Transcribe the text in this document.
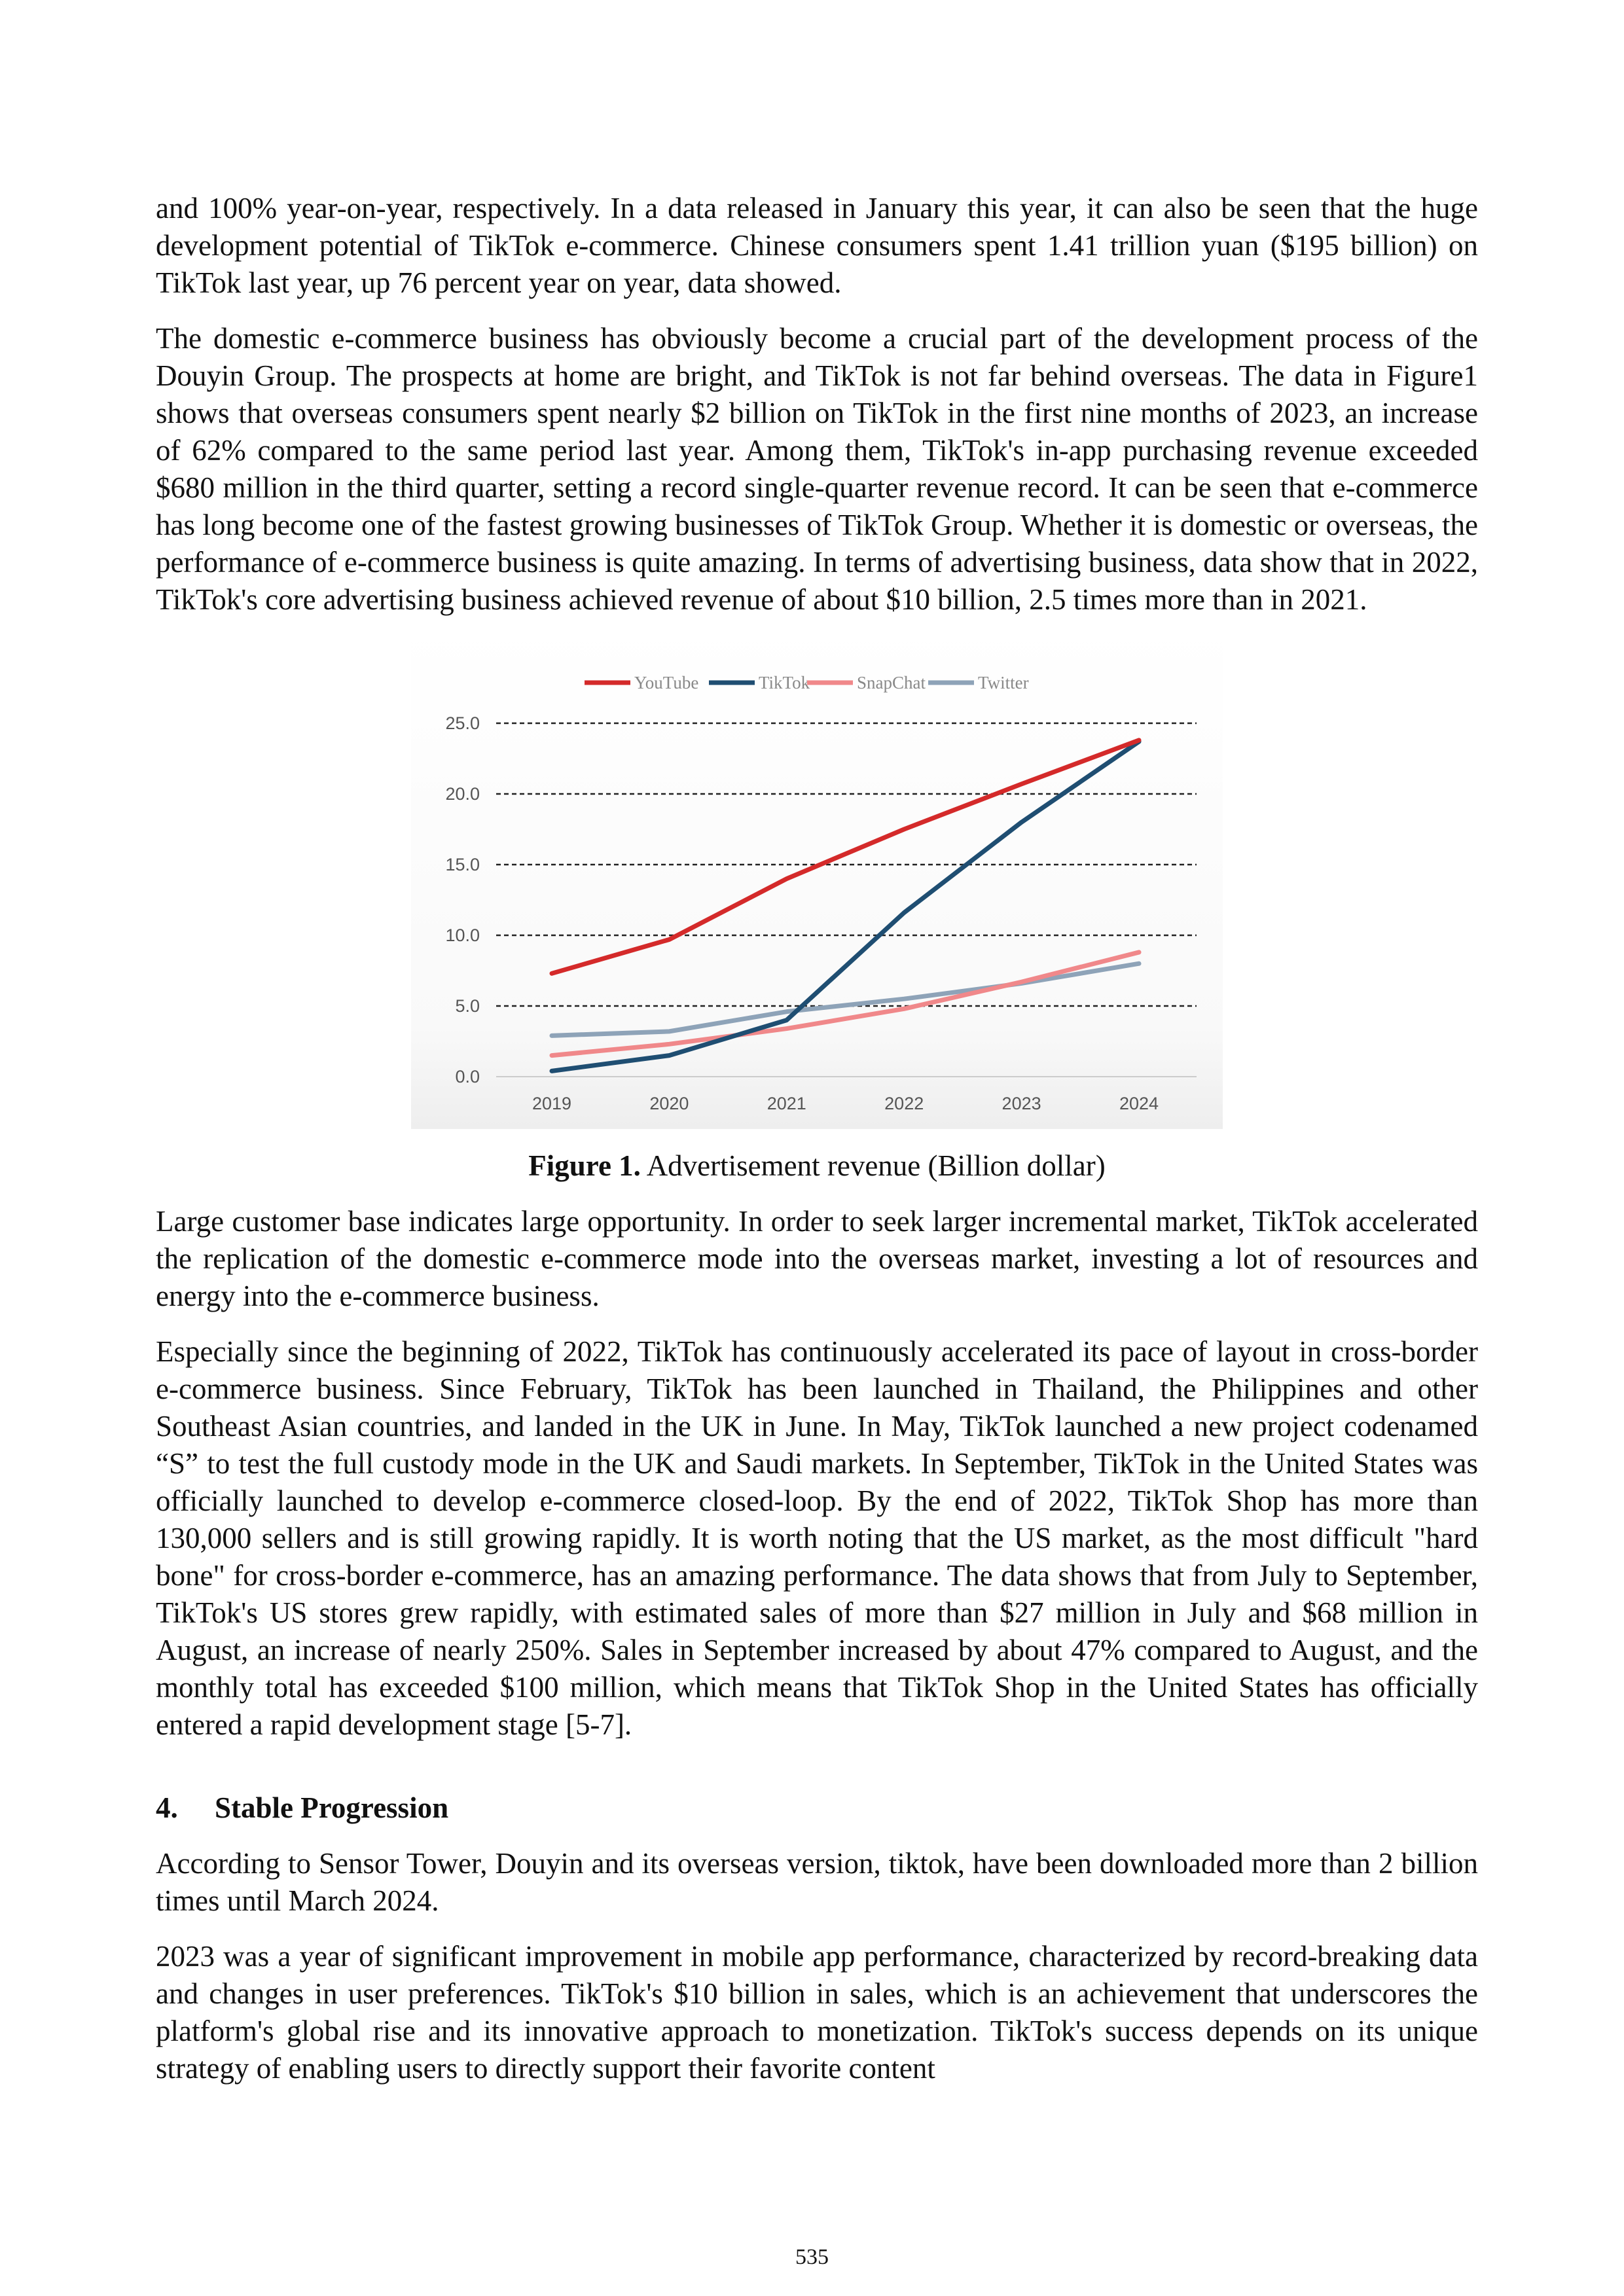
and 100% year-on-year, respectively. In a data released in January this year, it can also be seen that the huge development potential of TikTok e-commerce. Chinese consumers spent 1.41 trillion yuan ($195 billion) on TikTok last year, up 76 percent year on year, data showed.

The domestic e-commerce business has obviously become a crucial part of the development process of the Douyin Group. The prospects at home are bright, and TikTok is not far behind overseas. The data in Figure1 shows that overseas consumers spent nearly $2 billion on TikTok in the first nine months of 2023, an increase of 62% compared to the same period last year. Among them, TikTok's in-app purchasing revenue exceeded $680 million in the third quarter, setting a record single-quarter revenue record. It can be seen that e-commerce has long become one of the fastest growing businesses of TikTok Group. Whether it is domestic or overseas, the performance of e-commerce business is quite amazing. In terms of advertising business, data show that in 2022, TikTok's core advertising business achieved revenue of about $10 billion, 2.5 times more than in 2021.

0.0
5.0
10.0
15.0
20.0
25.0
2019	2020	2021	2022	2023	2024
YouTube	TikTok	SnapChat	Twitter
Figure 1. Advertisement revenue (Billion dollar)

Large customer base indicates large opportunity. In order to seek larger incremental market, TikTok accelerated the replication of the domestic e-commerce mode into the overseas market, investing a lot of resources and energy into the e-commerce business.

Especially since the beginning of 2022, TikTok has continuously accelerated its pace of layout in cross-border e-commerce business. Since February, TikTok has been launched in Thailand, the Philippines and other Southeast Asian countries, and landed in the UK in June. In May, TikTok launched a new project codenamed “S” to test the full custody mode in the UK and Saudi markets. In September, TikTok in the United States was officially launched to develop e-commerce closed-loop. By the end of 2022, TikTok Shop has more than 130,000 sellers and is still growing rapidly. It is worth noting that the US market, as the most difficult "hard bone" for cross-border e-commerce, has an amazing performance. The data shows that from July to September, TikTok's US stores grew rapidly, with estimated sales of more than $27 million in July and $68 million in August, an increase of nearly 250%. Sales in September increased by about 47% compared to August, and the monthly total has exceeded $100 million, which means that TikTok Shop in the United States has officially entered a rapid development stage [5-7].

4. Stable Progression

According to Sensor Tower, Douyin and its overseas version, tiktok, have been downloaded more than 2 billion times until March 2024.

2023 was a year of significant improvement in mobile app performance, characterized by record-breaking data and changes in user preferences. TikTok's $10 billion in sales, which is an achievement that underscores the platform's global rise and its innovative approach to monetization. TikTok's success depends on its unique strategy of enabling users to directly support their favorite content

535
